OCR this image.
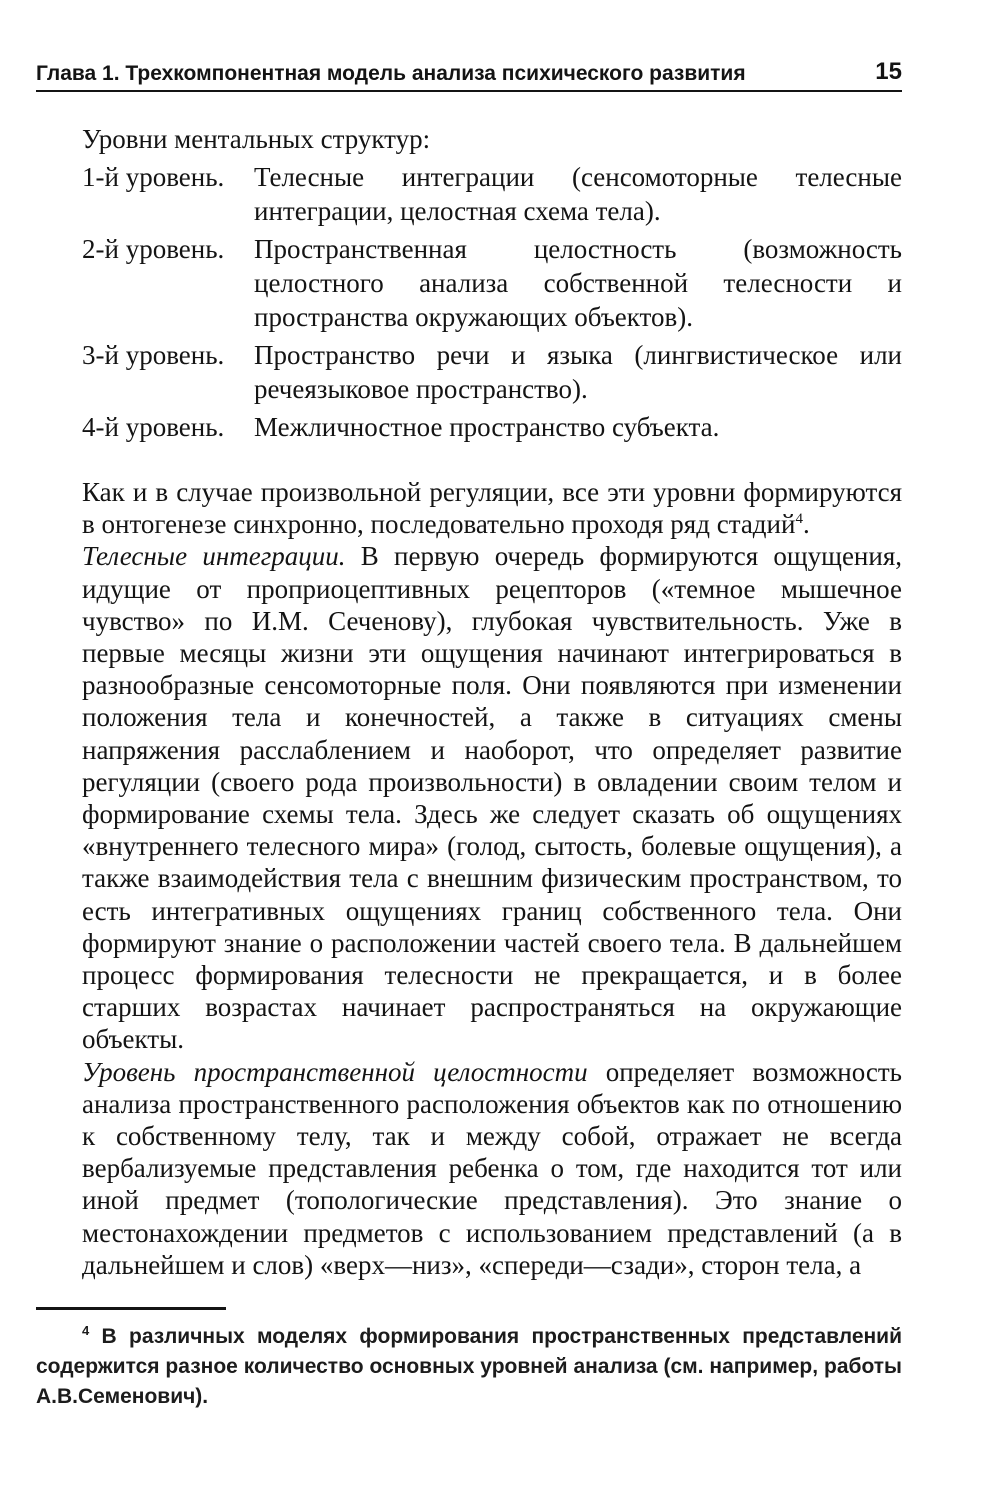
Глава 1. Трехкомпонентная модель анализа психического развития	15
Уровни ментальных структур:
1-й уровень.	Телесные интеграции (сенсомоторные телесные интеграции, целостная схема тела).
2-й уровень.	Пространственная целостность (возможность целостного анализа собственной телесности и пространства окружающих объектов).
3-й уровень.	Пространство речи и языка (лингвистическое или речеязыковое пространство).
4-й уровень.	Межличностное пространство субъекта.

Как и в случае произвольной регуляции, все эти уровни формируются в онтогенезе синхронно, последовательно проходя ряд стадий$^4$.

Телесные интеграции. В первую очередь формируются ощущения, идущие от проприоцептивных рецепторов («темное мышечное чувство» по И.М. Сеченову), глубокая чувствительность. Уже в первые месяцы жизни эти ощущения начинают интегрироваться в разнообразные сенсомоторные поля. Они появляются при изменении положения тела и конечностей, а также в ситуациях смены напряжения расслаблением и наоборот, что определяет развитие регуляции (своего рода произвольности) в овладении своим телом и формирование схемы тела. Здесь же следует сказать об ощущениях «внутреннего телесного мира» (голод, сытость, болевые ощущения), а также взаимодействия тела с внешним физическим пространством, то есть интегративных ощущениях границ собственного тела. Они формируют знание о расположении частей своего тела. В дальнейшем процесс формирования телесности не прекращается, и в более старших возрастах начинает распространяться на окружающие объекты.

Уровень пространственной целостности определяет возможность анализа пространственного расположения объектов как по отношению к собственному телу, так и между собой, отражает не всегда вербализуемые представления ребенка о том, где находится тот или иной предмет (топологические представления). Это знание о местонахождении предметов с использованием представлений (а в дальнейшем и слов) «верх—низ», «спереди—сзади», сторон тела, а

$^4$ В различных моделях формирования пространственных представлений содержится разное количество основных уровней анализа (см. например, работы А.В.Семенович).
